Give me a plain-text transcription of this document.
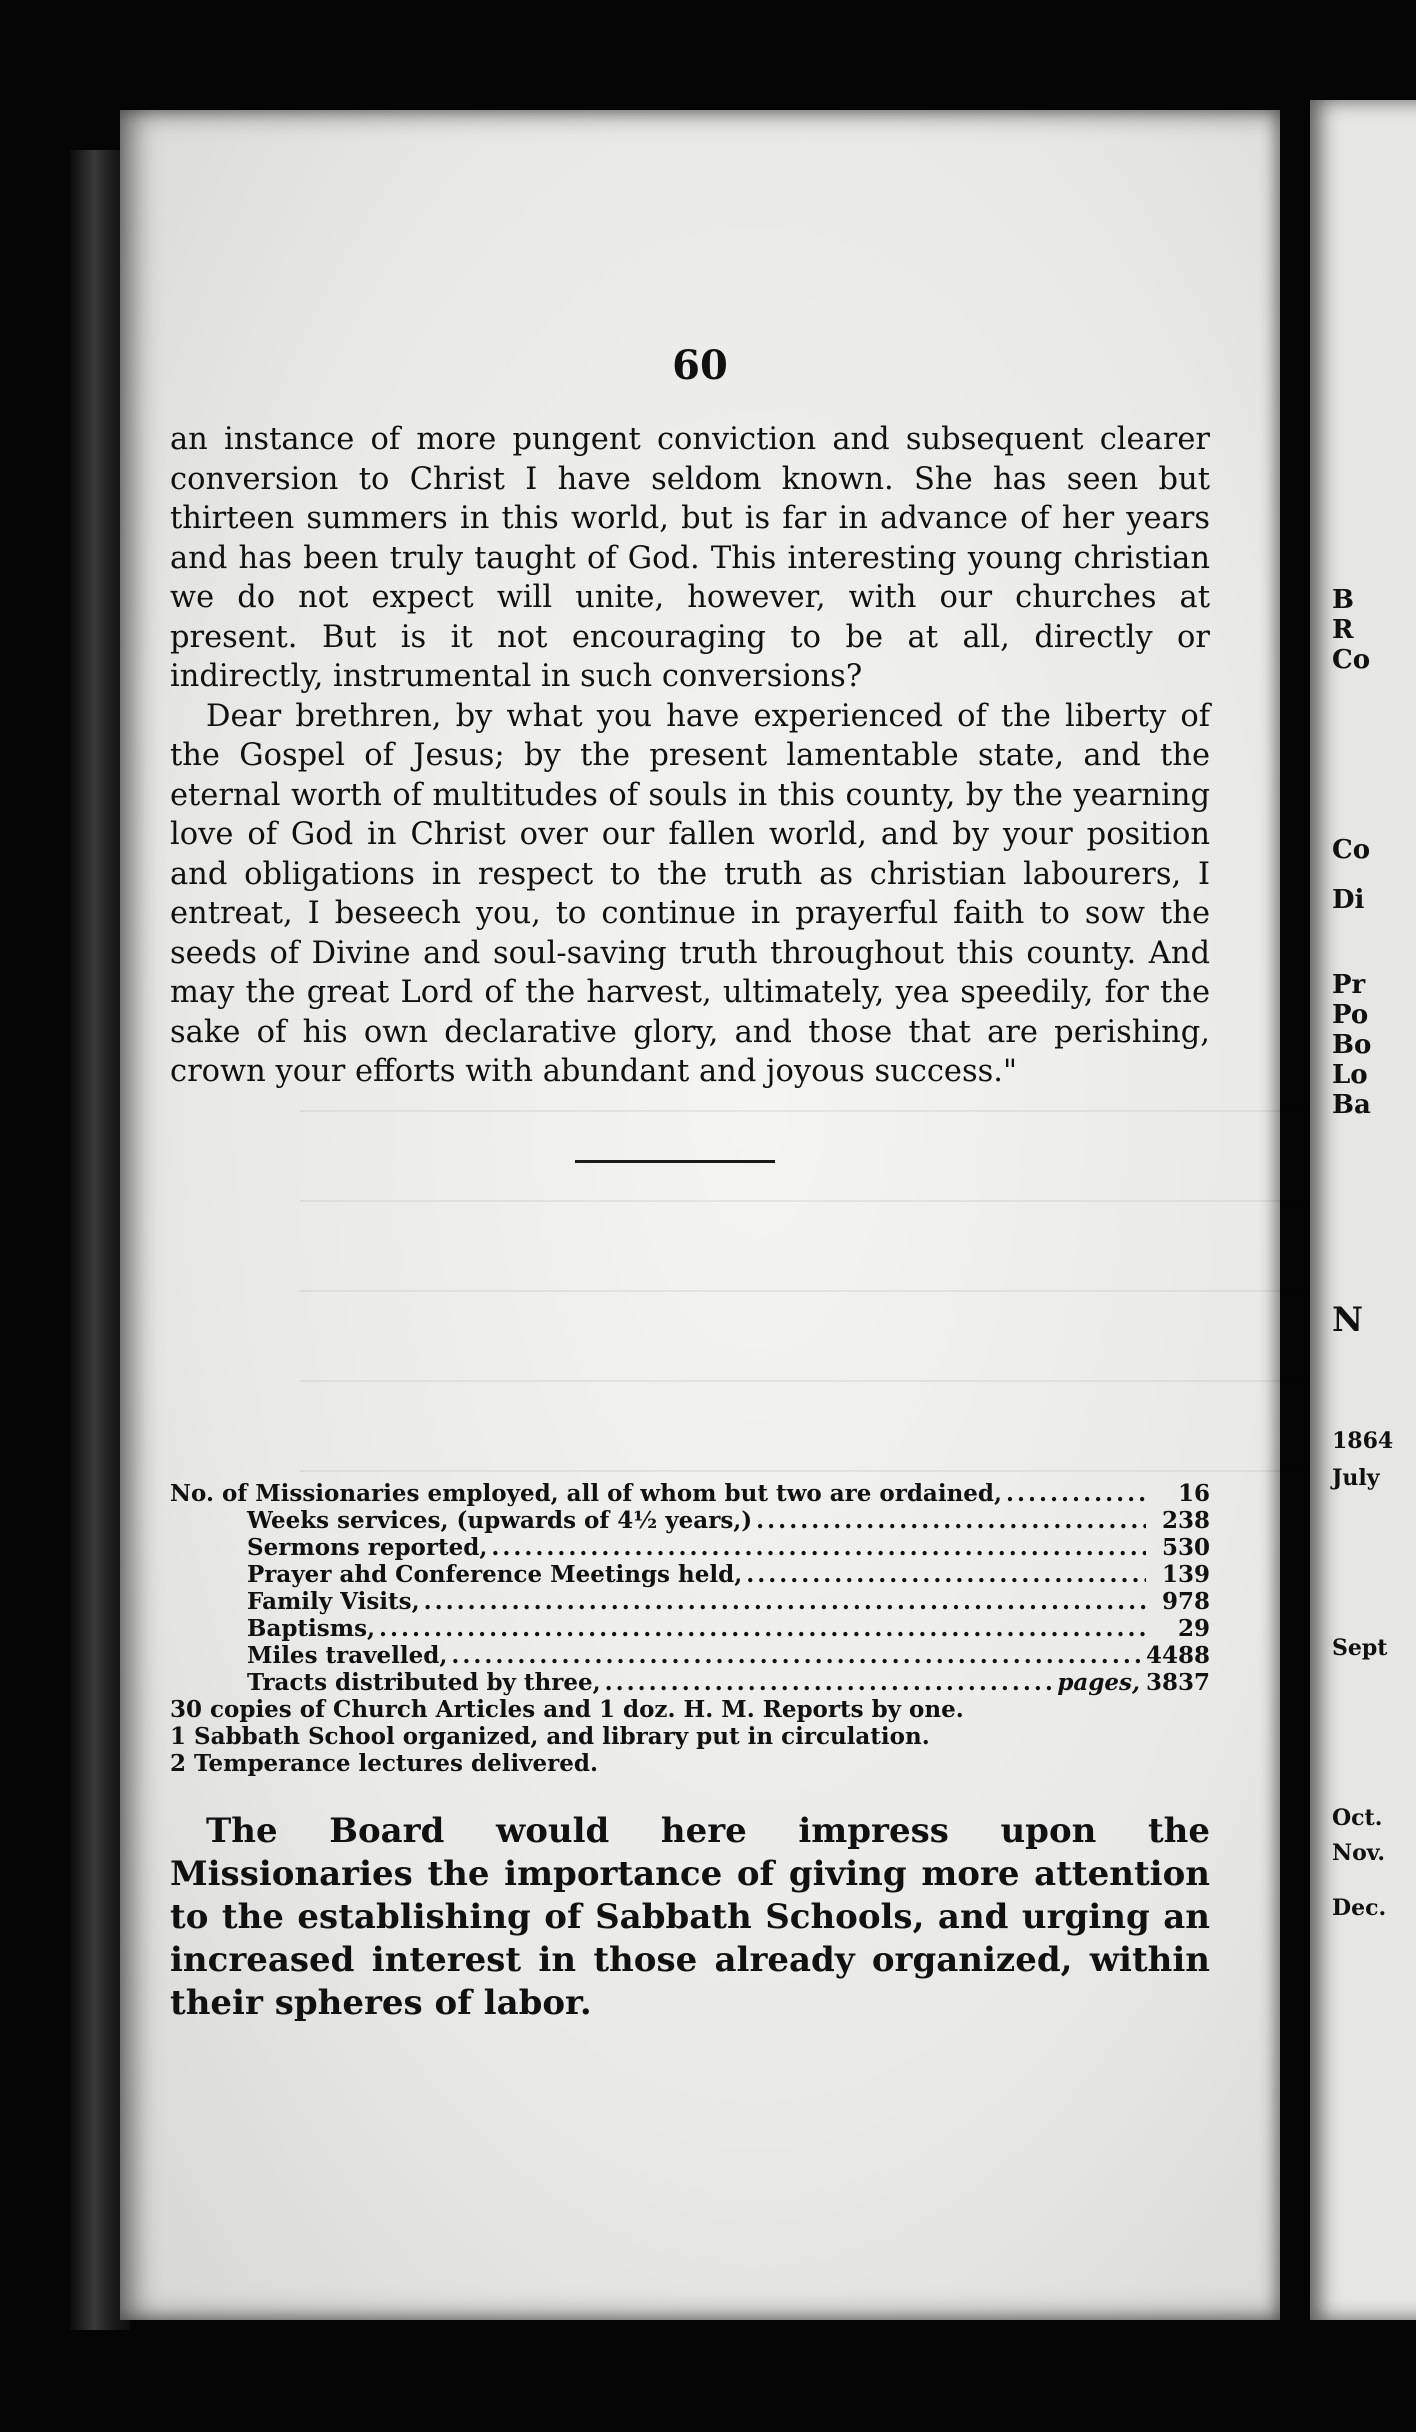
60

an instance of more pungent conviction and subsequent clearer conversion to Christ I have seldom known. She has seen but thirteen summers in this world, but is far in advance of her years and has been truly taught of God. This interesting young christian we do not expect will unite, however, with our churches at present. But is it not encouraging to be at all, directly or indirectly, instrumental in such conversions?

Dear brethren, by what you have experienced of the liberty of the Gospel of Jesus; by the present lamentable state, and the eternal worth of multitudes of souls in this county, by the yearning love of God in Christ over our fallen world, and by your position and obligations in respect to the truth as christian labourers, I entreat, I beseech you, to continue in prayerful faith to sow the seeds of Divine and soul-saving truth throughout this county. And may the great Lord of the harvest, ultimately, yea speedily, for the sake of his own declarative glory, and those that are perishing, crown your efforts with abundant and joyous success."

No. of Missionaries employed, all of whom but two are ordained, .....	16
Weeks services, (upwards of 4½ years,) .....	238
Sermons reported, .....	530
Prayer ahd Conference Meetings held, .....	139
Family Visits, .....	978
Baptisms, .....	29
Miles travelled, .....	4488
Tracts distributed by three, .....	pages, 3837
30 copies of Church Articles and 1 doz. H. M. Reports by one.
1 Sabbath School organized, and library put in circulation.
2 Temperance lectures delivered.

The Board would here impress upon the Missionaries the importance of giving more attention to the establishing of Sabbath Schools, and urging an increased interest in those already organized, within their spheres of labor.

B
R
Co
Co
Di
Pr
Po
Bo
Lo
Ba
N
1864
July
Sept
Oct.
Nov.
Dec.
